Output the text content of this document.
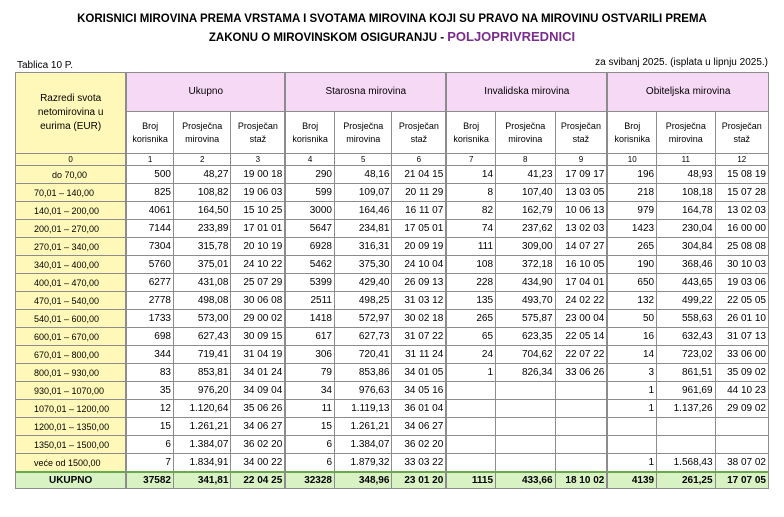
KORISNICI MIROVINA PREMA VRSTAMA I SVOTAMA MIROVINA KOJI SU PRAVO NA MIROVINU OSTVARILI PREMA
ZAKONU O MIROVINSKOM OSIGURANJU - POLJOPRIVREDNICI
Tablica 10 P.	za svibanj 2025. (isplata u lipnju 2025.)
Razredi svota netomirovina u eurima (EUR)	Ukupno			Starosna mirovina			Invalidska mirovina			Obiteljska mirovina		
	Broj korisnika	Prosječna mirovina	Prosječan staž	Broj korisnika	Prosječna mirovina	Prosječan staž	Broj korisnika	Prosječna mirovina	Prosječan staž	Broj korisnika	Prosječna mirovina	Prosječan staž
0	1	2	3	4	5	6	7	8	9	10	11	12
do 70,00	500	48,27	19 00 18	290	48,16	21 04 15	14	41,23	17 09 17	196	48,93	15 08 19
70,01 – 140,00	825	108,82	19 06 03	599	109,07	20 11 29	8	107,40	13 03 05	218	108,18	15 07 28
140,01 – 200,00	4061	164,50	15 10 25	3000	164,46	16 11 07	82	162,79	10 06 13	979	164,78	13 02 03
200,01 – 270,00	7144	233,89	17 01 01	5647	234,81	17 05 01	74	237,62	13 02 03	1423	230,04	16 00 00
270,01 – 340,00	7304	315,78	20 10 19	6928	316,31	20 09 19	111	309,00	14 07 27	265	304,84	25 08 08
340,01 – 400,00	5760	375,01	24 10 22	5462	375,30	24 10 04	108	372,18	16 10 05	190	368,46	30 10 03
400,01 – 470,00	6277	431,08	25 07 29	5399	429,40	26 09 13	228	434,90	17 04 01	650	443,65	19 03 06
470,01 – 540,00	2778	498,08	30 06 08	2511	498,25	31 03 12	135	493,70	24 02 22	132	499,22	22 05 05
540,01 – 600,00	1733	573,00	29 00 02	1418	572,97	30 02 18	265	575,87	23 00 04	50	558,63	26 01 10
600,01 – 670,00	698	627,43	30 09 15	617	627,73	31 07 22	65	623,35	22 05 14	16	632,43	31 07 13
670,01 – 800,00	344	719,41	31 04 19	306	720,41	31 11 24	24	704,62	22 07 22	14	723,02	33 06 00
800,01 – 930,00	83	853,81	34 01 24	79	853,86	34 01 05	1	826,34	33 06 26	3	861,51	35 09 02
930,01 – 1070,00	35	976,20	34 09 04	34	976,63	34 05 16				1	961,69	44 10 23
1070,01 – 1200,00	12	1.120,64	35 06 26	11	1.119,13	36 01 04				1	1.137,26	29 09 02
1200,01 – 1350,00	15	1.261,21	34 06 27	15	1.261,21	34 06 27						
1350,01 – 1500,00	6	1.384,07	36 02 20	6	1.384,07	36 02 20						
veće od 1500,00	7	1.834,91	34 00 22	6	1.879,32	33 03 22				1	1.568,43	38 07 02
UKUPNO	37582	341,81	22 04 25	32328	348,96	23 01 20	1115	433,66	18 10 02	4139	261,25	17 07 05
